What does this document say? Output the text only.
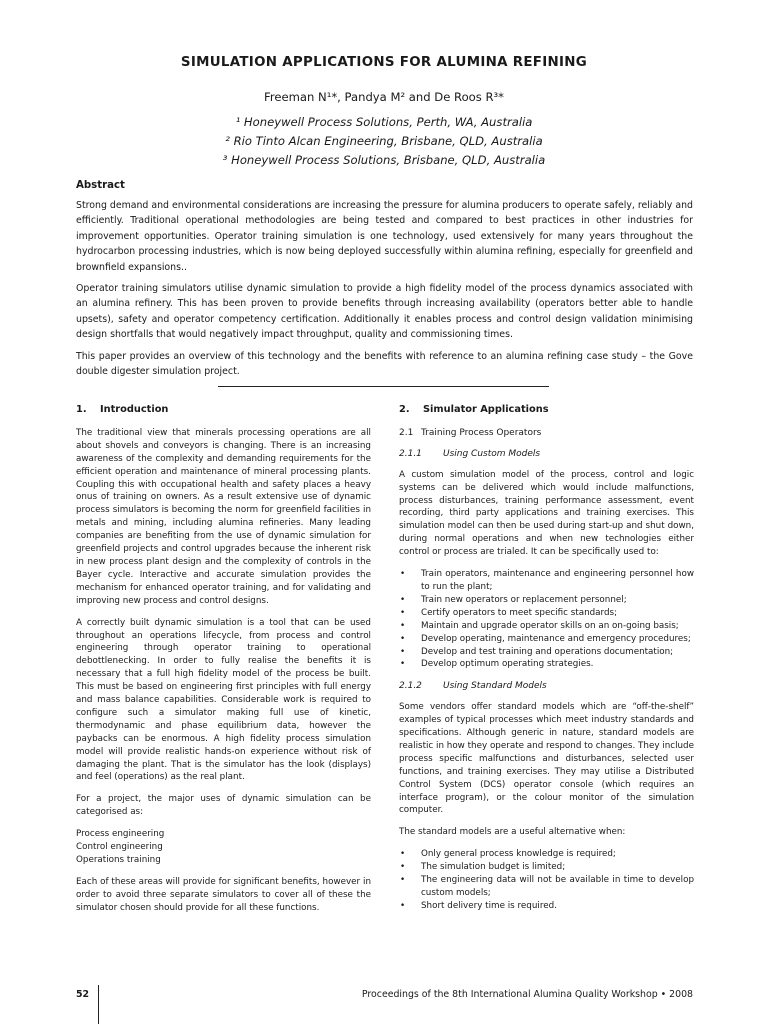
SIMULATION APPLICATIONS FOR ALUMINA REFINING
Freeman N¹*, Pandya M² and De Roos R³*
¹ Honeywell Process Solutions, Perth, WA, Australia
² Rio Tinto Alcan Engineering, Brisbane, QLD, Australia
³ Honeywell Process Solutions, Brisbane, QLD, Australia
Abstract

Strong demand and environmental considerations are increasing the pressure for alumina producers to operate safely, reliably and efficiently. Traditional operational methodologies are being tested and compared to best practices in other industries for improvement opportunities. Operator training simulation is one technology, used extensively for many years throughout the hydrocarbon processing industries, which is now being deployed successfully within alumina refining, especially for greenfield and brownfield expansions..

Operator training simulators utilise dynamic simulation to provide a high fidelity model of the process dynamics associated with an alumina refinery. This has been proven to provide benefits through increasing availability (operators better able to handle upsets), safety and operator competency certification. Additionally it enables process and control design validation minimising design shortfalls that would negatively impact throughput, quality and commissioning times.

This paper provides an overview of this technology and the benefits with reference to an alumina refining case study – the Gove double digester simulation project.

1. Introduction

The traditional view that minerals processing operations are all about shovels and conveyors is changing. There is an increasing awareness of the complexity and demanding requirements for the efficient operation and maintenance of mineral processing plants. Coupling this with occupational health and safety places a heavy onus of training on owners. As a result extensive use of dynamic process simulators is becoming the norm for greenfield facilities in metals and mining, including alumina refineries. Many leading companies are benefiting from the use of dynamic simulation for greenfield projects and control upgrades because the inherent risk in new process plant design and the complexity of controls in the Bayer cycle. Interactive and accurate simulation provides the mechanism for enhanced operator training, and for validating and improving new process and control designs.

A correctly built dynamic simulation is a tool that can be used throughout an operations lifecycle, from process and control engineering through operator training to operational debottlenecking. In order to fully realise the benefits it is necessary that a full high fidelity model of the process be built. This must be based on engineering first principles with full energy and mass balance capabilities. Considerable work is required to configure such a simulator making full use of kinetic, thermodynamic and phase equilibrium data, however the paybacks can be enormous. A high fidelity process simulation model will provide realistic hands-on experience without risk of damaging the plant. That is the simulator has the look (displays) and feel (operations) as the real plant.

For a project, the major uses of dynamic simulation can be categorised as:

Process engineering
Control engineering
Operations training

Each of these areas will provide for significant benefits, however in order to avoid three separate simulators to cover all of these the simulator chosen should provide for all these functions.

2. Simulator Applications
2.1 Training Process Operators
2.1.1 Using Custom Models

A custom simulation model of the process, control and logic systems can be delivered which would include malfunctions, process disturbances, training performance assessment, event recording, third party applications and training exercises. This simulation model can then be used during start-up and shut down, during normal operations and when new technologies either control or process are trialed. It can be specifically used to:

• Train operators, maintenance and engineering personnel how to run the plant;
• Train new operators or replacement personnel;
• Certify operators to meet specific standards;
• Maintain and upgrade operator skills on an on-going basis;
• Develop operating, maintenance and emergency procedures;
• Develop and test training and operations documentation;
• Develop optimum operating strategies.
2.1.2 Using Standard Models

Some vendors offer standard models which are “off-the-shelf” examples of typical processes which meet industry standards and specifications. Although generic in nature, standard models are realistic in how they operate and respond to changes. They include process specific malfunctions and disturbances, selected user functions, and training exercises. They may utilise a Distributed Control System (DCS) operator console (which requires an interface program), or the colour monitor of the simulation computer.

The standard models are a useful alternative when:

• Only general process knowledge is required;
• The simulation budget is limited;
• The engineering data will not be available in time to develop custom models;
• Short delivery time is required.
52	Proceedings of the 8th International Alumina Quality Workshop • 2008
